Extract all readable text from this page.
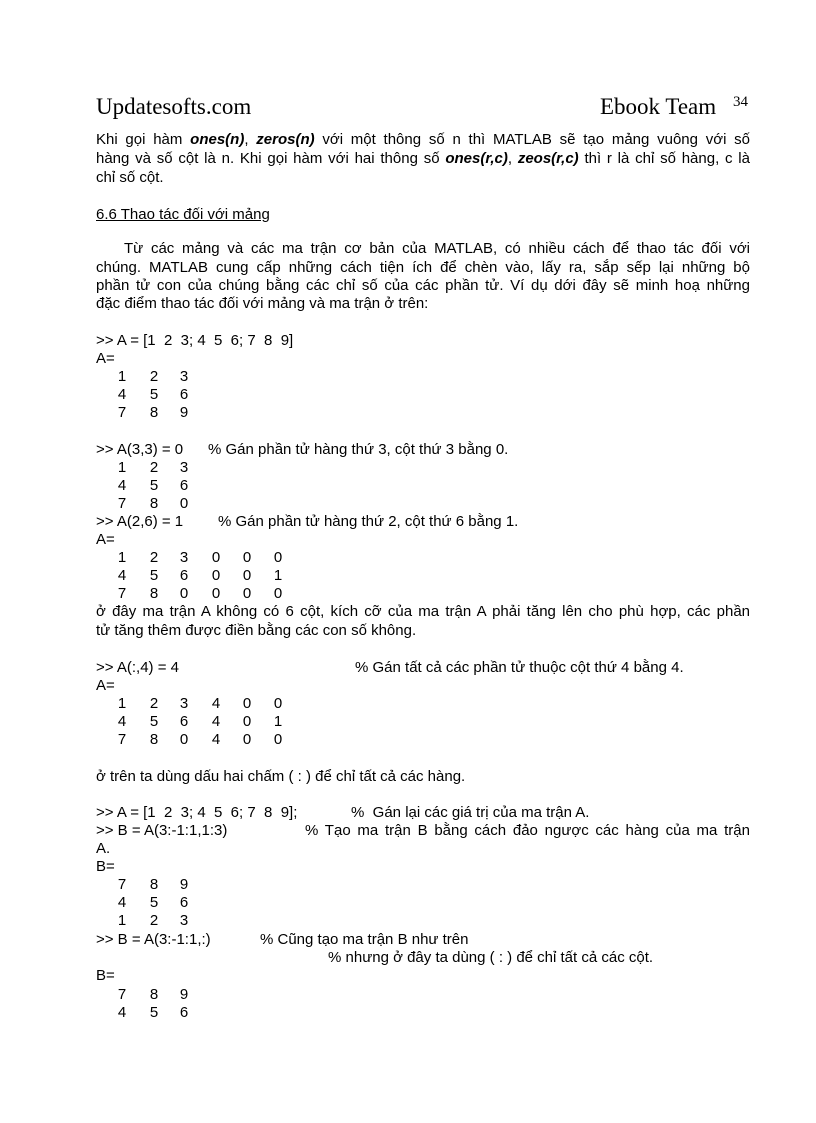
Updatesofts.com	Ebook Team 34
Khi gọi hàm ones(n), zeros(n) với một thông số n thì MATLAB sẽ tạo mảng vuông với số
hàng và số cột là n. Khi gọi hàm với hai thông số ones(r,c), zeos(r,c) thì r là chỉ số hàng, c là
chỉ số cột.
6.6 Thao tác đối với mảng
Từ các mảng và các ma trận cơ bản của MATLAB, có nhiều cách để thao tác đối với
chúng. MATLAB cung cấp những cách tiện ích để chèn vào, lấy ra, sắp sếp lại những bộ
phần tử con của chúng bằng các chỉ số của các phần tử. Ví dụ dới đây sẽ minh hoạ những
đặc điểm thao tác đối với mảng và ma trận ở trên:
>> A = [1  2  3; 4  5  6; 7  8  9]
A=
1 2 3
4 5 6
7 8 9
>> A(3,3) = 0 % Gán phần tử hàng thứ 3, cột thứ 3 bằng 0.
1 2 3
4 5 6
7 8 0
>> A(2,6) = 1 % Gán phần tử hàng thứ 2, cột thứ 6 bằng 1.
A=
1 2 3 0 0 0
4 5 6 0 0 1
7 8 0 0 0 0
ở đây ma trận A không có 6 cột, kích cỡ của ma trận A phải tăng lên cho phù hợp, các phần
tử tăng thêm được điền bằng các con số không.
>> A(:,4) = 4	% Gán tất cả các phần tử thuộc cột thứ 4 bằng 4.
A=
1 2 3 4 0 0
4 5 6 4 0 1
7 8 0 4 0 0
ở trên ta dùng dấu hai chấm ( : ) để chỉ tất cả các hàng.
>> A = [1  2  3; 4  5  6; 7  8  9];	%  Gán lại các giá trị của ma trận A.
>> B = A(3:-1:1,1:3)	% Tạo ma trận B bằng cách đảo ngược các hàng của ma trận
A.
B=
7 8 9
4 5 6
1 2 3
>> B = A(3:-1:1,:)	% Cũng tạo ma trận B như trên
% nhưng ở đây ta dùng ( : ) để chỉ tất cả các cột.
B=
7 8 9
4 5 6
